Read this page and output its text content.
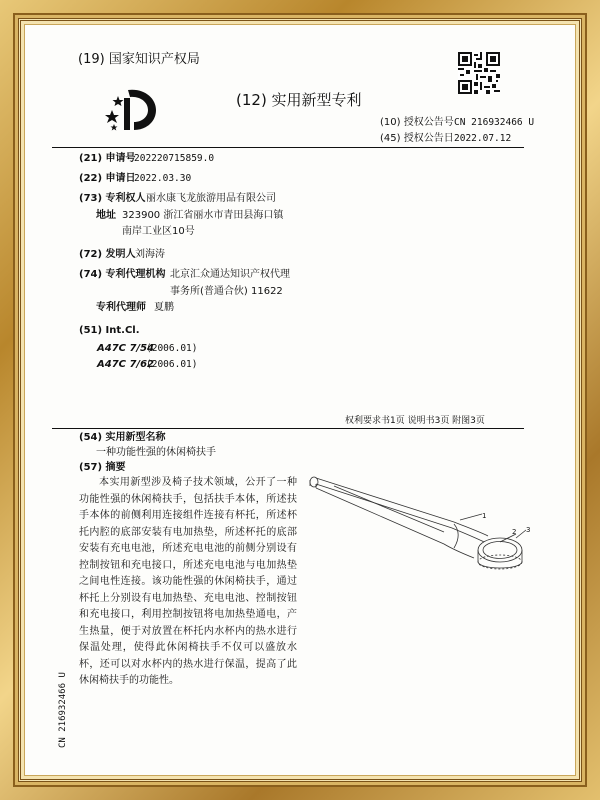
(19) 国家知识产权局
(12) 实用新型专利
(10) 授权公告号 CN 216932466 U
(45) 授权公告日 2022.07.12
(21) 申请号
202220715859.0
(22) 申请日
2022.03.30
(73) 专利权人 丽水康飞龙旅游用品有限公司
地址 323900 浙江省丽水市青田县海口镇
南岸工业区10号
(72) 发明人 刘海涛
(74) 专利代理机构 北京汇众通达知识产权代理
事务所(普通合伙) 11622
专利代理师 夏鹏
(51) Int.Cl.
A47C 7/54
(2006.01)
A47C 7/62
(2006.01)
权利要求书1页 说明书3页 附图3页
(54) 实用新型名称
一种功能性强的休闲椅扶手
(57) 摘要
本实用新型涉及椅子技术领域，公开了一种功能性强的休闲椅扶手，包括扶手本体，所述扶手本体的前侧利用连接组件连接有杯托，所述杯托内腔的底部安装有电加热垫，所述杯托的底部安装有充电电池，所述充电电池的前侧分别设有控制按钮和充电接口，所述充电电池与电加热垫之间电性连接。该功能性强的休闲椅扶手，通过杯托上分别设有电加热垫、充电电池、控制按钮和充电接口，利用控制按钮将电加热垫通电，产生热量，便于对放置在杯托内水杯内的热水进行保温处理，使得此休闲椅扶手不仅可以盛放水杯，还可以对水杯内的热水进行保温，提高了此休闲椅扶手的功能性。
1
2 3
CN 216932466 U
